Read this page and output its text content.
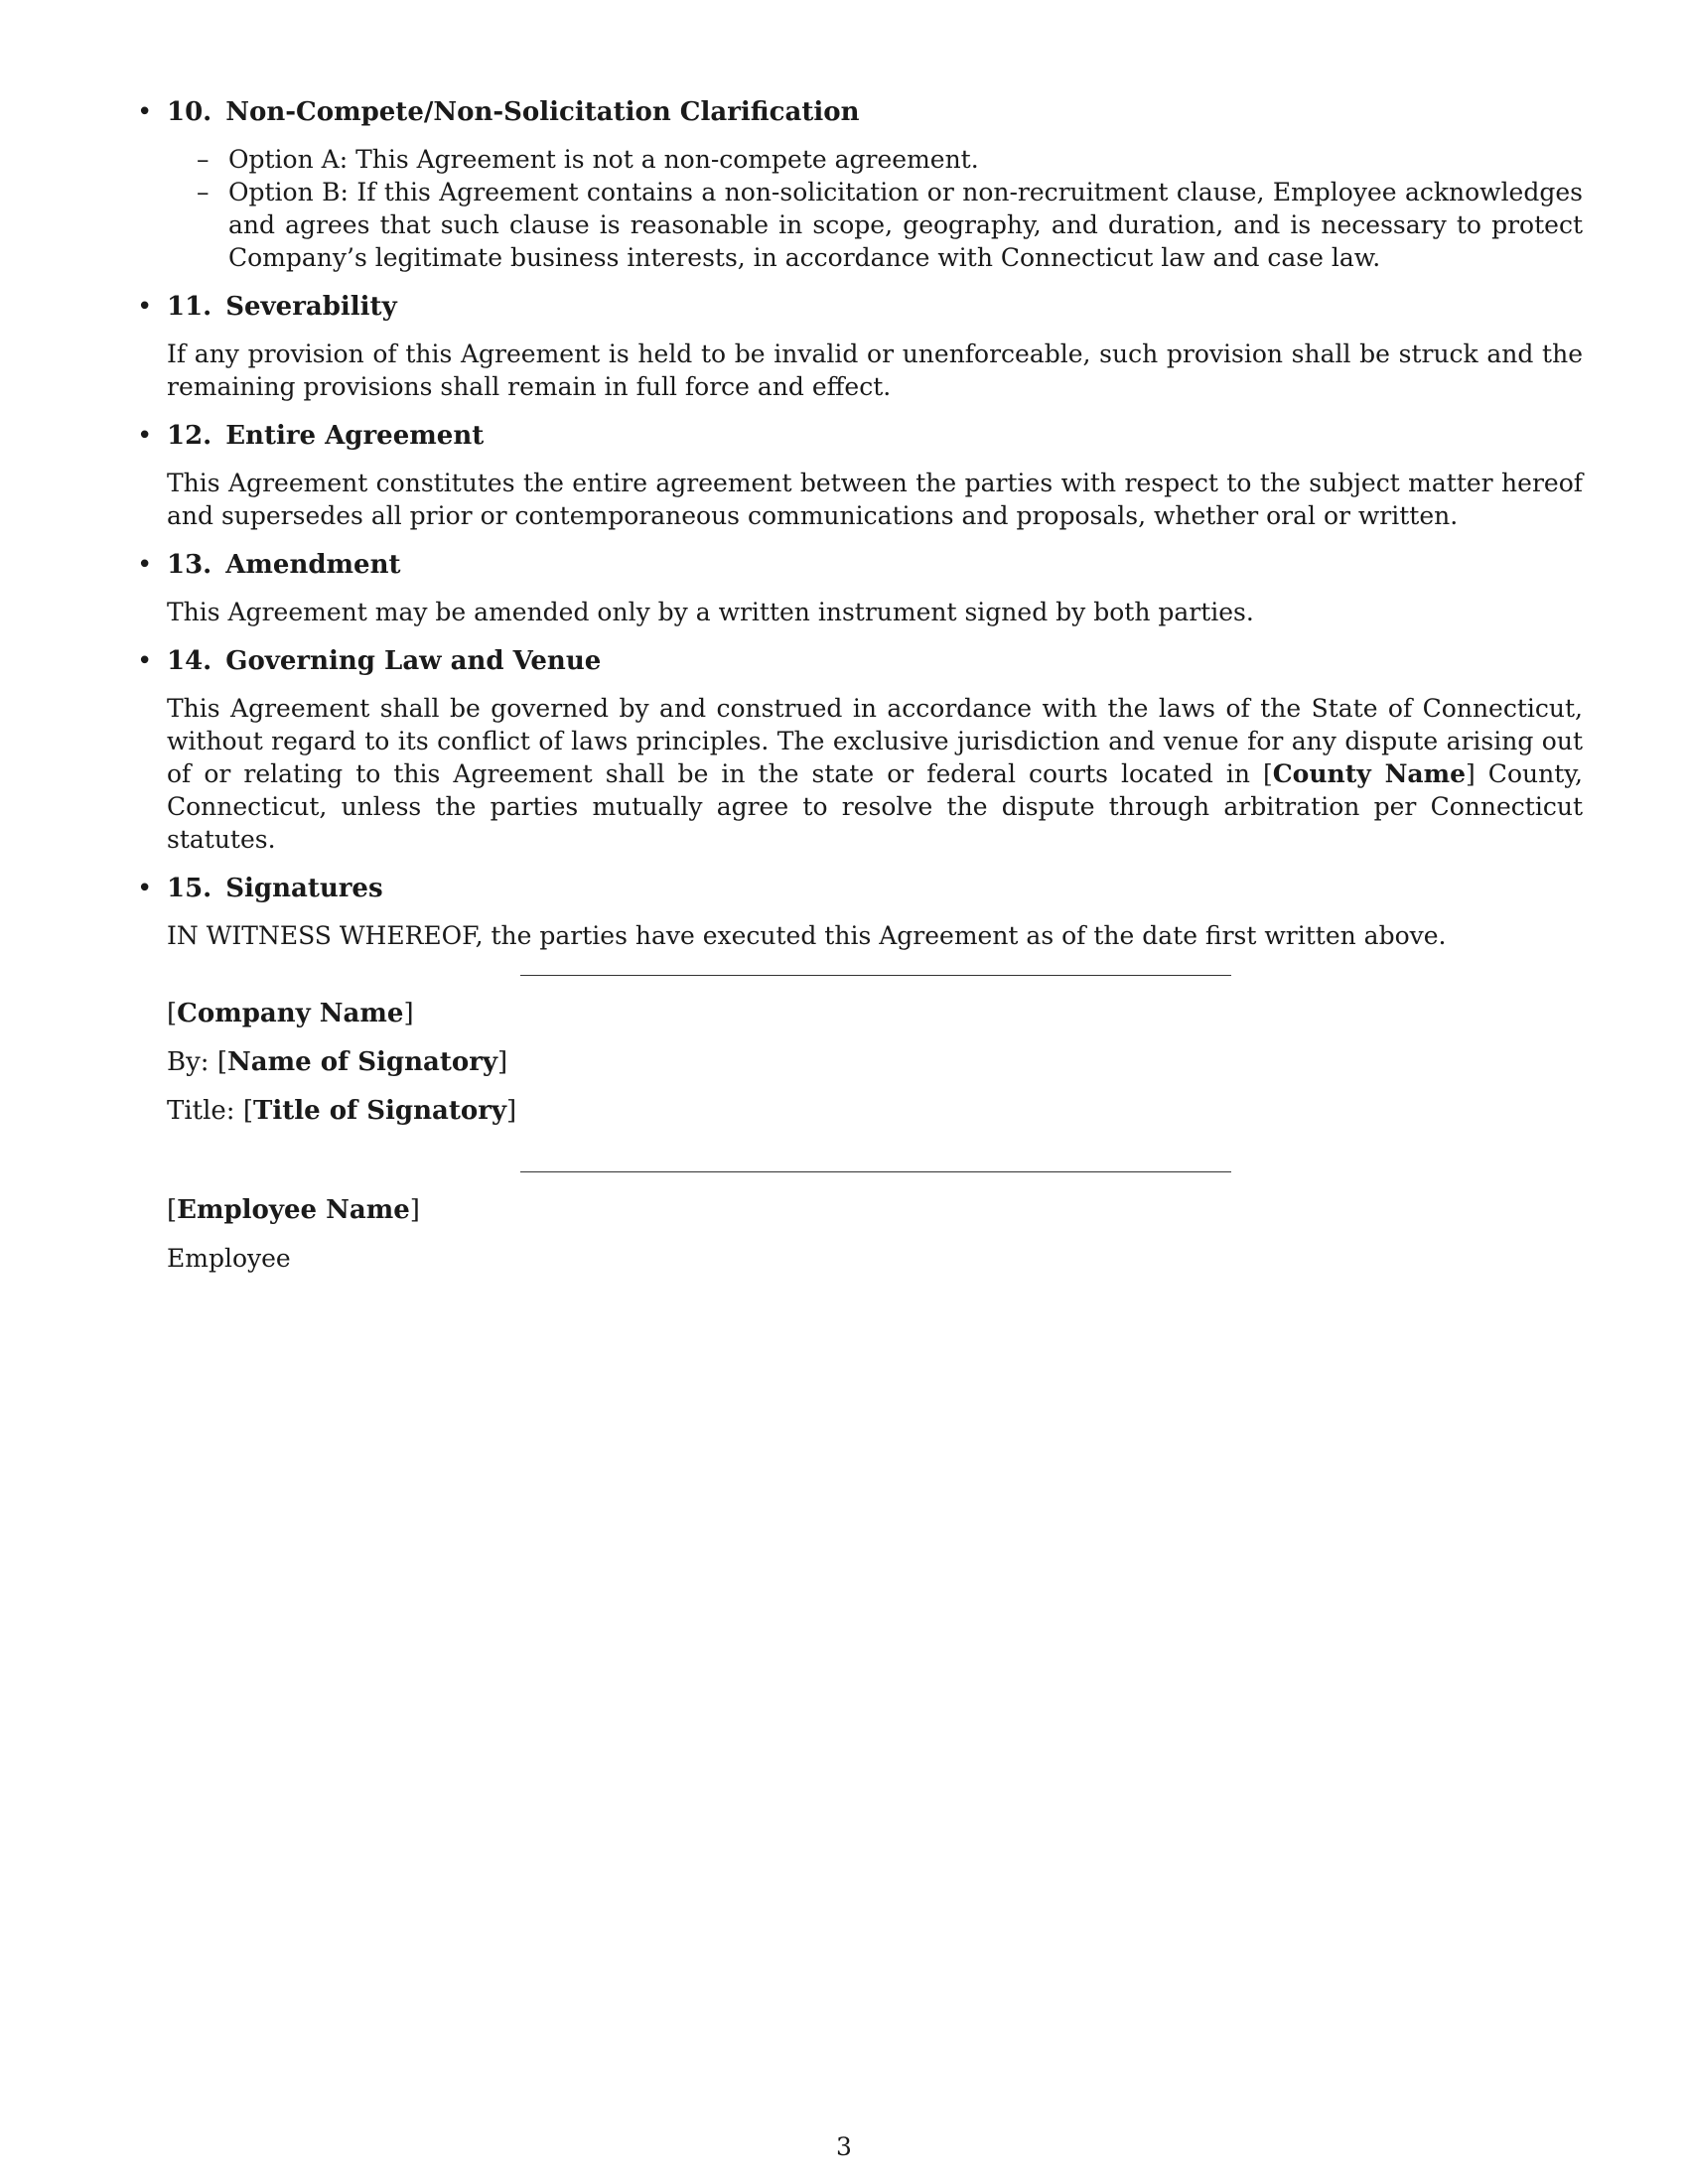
• 10. Non-Compete/Non-Solicitation Clarification

– Option A: This Agreement is not a non-compete agreement.
– Option B: If this Agreement contains a non-solicitation or non-recruitment clause, Employee acknowledges and agrees that such clause is reasonable in scope, geography, and duration, and is necessary to protect Company’s legitimate business interests, in accordance with Connecticut law and case law.

• 11. Severability

If any provision of this Agreement is held to be invalid or unenforceable, such provision shall be struck and the remaining provisions shall remain in full force and effect.

• 12. Entire Agreement

This Agreement constitutes the entire agreement between the parties with respect to the subject matter hereof and supersedes all prior or contemporaneous communications and proposals, whether oral or written.

• 13. Amendment

This Agreement may be amended only by a written instrument signed by both parties.

• 14. Governing Law and Venue

This Agreement shall be governed by and construed in accordance with the laws of the State of Connecticut, without regard to its conflict of laws principles. The exclusive jurisdiction and venue for any dispute arising out of or relating to this Agreement shall be in the state or federal courts located in [County Name] County, Connecticut, unless the parties mutually agree to resolve the dispute through arbitration per Connecticut statutes.

• 15. Signatures

IN WITNESS WHEREOF, the parties have executed this Agreement as of the date first written above.

[Company Name]
By: [Name of Signatory]
Title: [Title of Signatory]
[Employee Name]
Employee
3
